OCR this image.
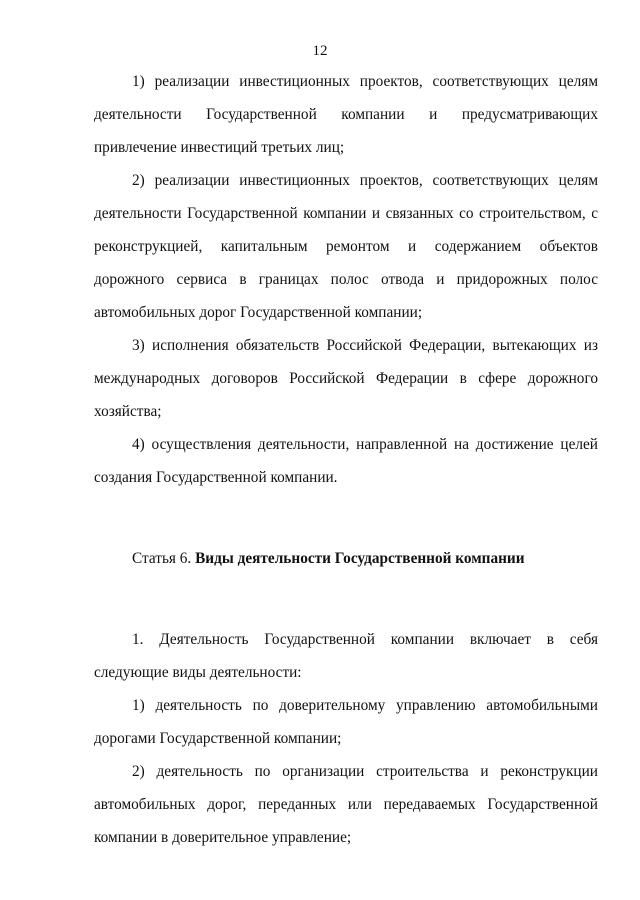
12

1) реализации инвестиционных проектов, соответствующих целям деятельности Государственной компании и предусматривающих привлечение инвестиций третьих лиц;

2) реализации инвестиционных проектов, соответствующих целям деятельности Государственной компании и связанных со строительством, с реконструкцией, капитальным ремонтом и содержанием объектов дорожного сервиса в границах полос отвода и придорожных полос автомобильных дорог Государственной компании;

3) исполнения обязательств Российской Федерации, вытекающих из международных договоров Российской Федерации в сфере дорожного хозяйства;

4) осуществления деятельности, направленной на достижение целей создания Государственной компании.

Статья 6. Виды деятельности Государственной компании

1. Деятельность Государственной компании включает в себя следующие виды деятельности:

1) деятельность по доверительному управлению автомобильными дорогами Государственной компании;

2) деятельность по организации строительства и реконструкции автомобильных дорог, переданных или передаваемых Государственной компании в доверительное управление;
